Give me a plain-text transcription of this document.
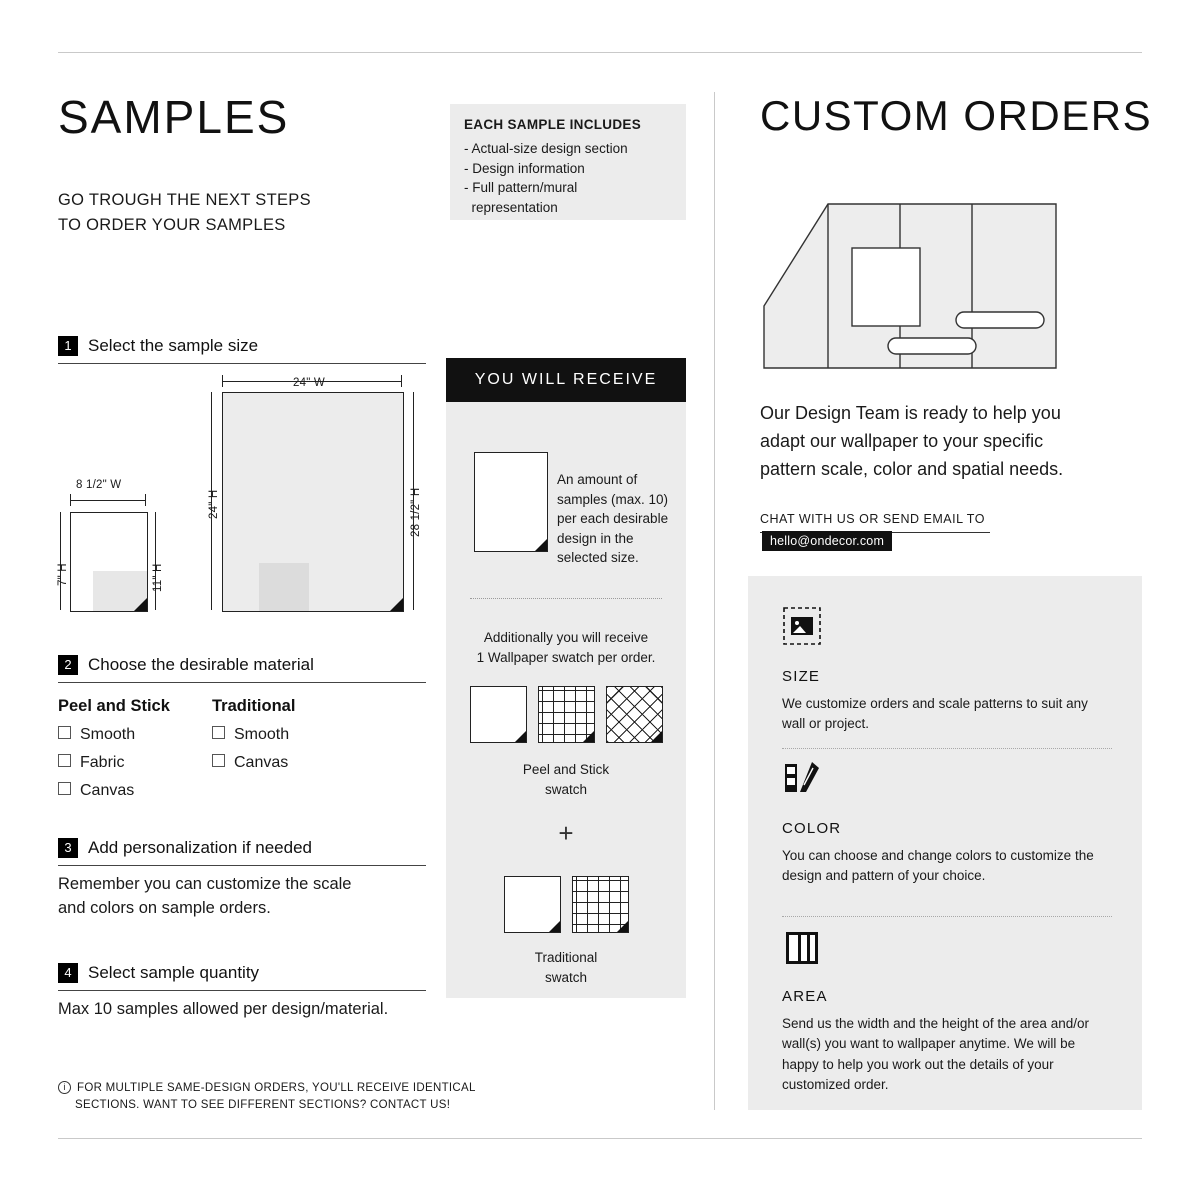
SAMPLES
GO TROUGH THE NEXT STEPS
TO ORDER YOUR SAMPLES
EACH SAMPLE INCLUDES
- Actual-size design section
- Design information
- Full pattern/mural
representation
1 Select the sample size
8 1/2" W
7" H	11" H
24" W
24" H	28 1/2" H
2 Choose the desirable material
Peel and Stick
Smooth
Fabric
Canvas
Traditional
Smooth
Canvas
3 Add personalization if needed
Remember you can customize the scale
and colors on sample orders.
4 Select sample quantity
Max 10 samples allowed per design/material.
i FOR MULTIPLE SAME-DESIGN ORDERS, YOU'LL RECEIVE IDENTICAL
SECTIONS. WANT TO SEE DIFFERENT SECTIONS? CONTACT US!
YOU WILL RECEIVE
An amount of samples (max. 10) per each desirable design in the selected size.
Additionally you will receive
1 Wallpaper swatch per order.
Peel and Stick
swatch
+
Traditional
swatch
CUSTOM ORDERS
Our Design Team is ready to help you
adapt our wallpaper to your specific
pattern scale, color and spatial needs.
CHAT WITH US OR SEND EMAIL TO
hello@ondecor.com
SIZE
We customize orders and scale patterns to suit any wall or project.
COLOR
You can choose and change colors to customize the design and pattern of your choice.
AREA
Send us the width and the height of the area and/or wall(s) you want to wallpaper anytime. We will be happy to help you work out the details of your customized order.
